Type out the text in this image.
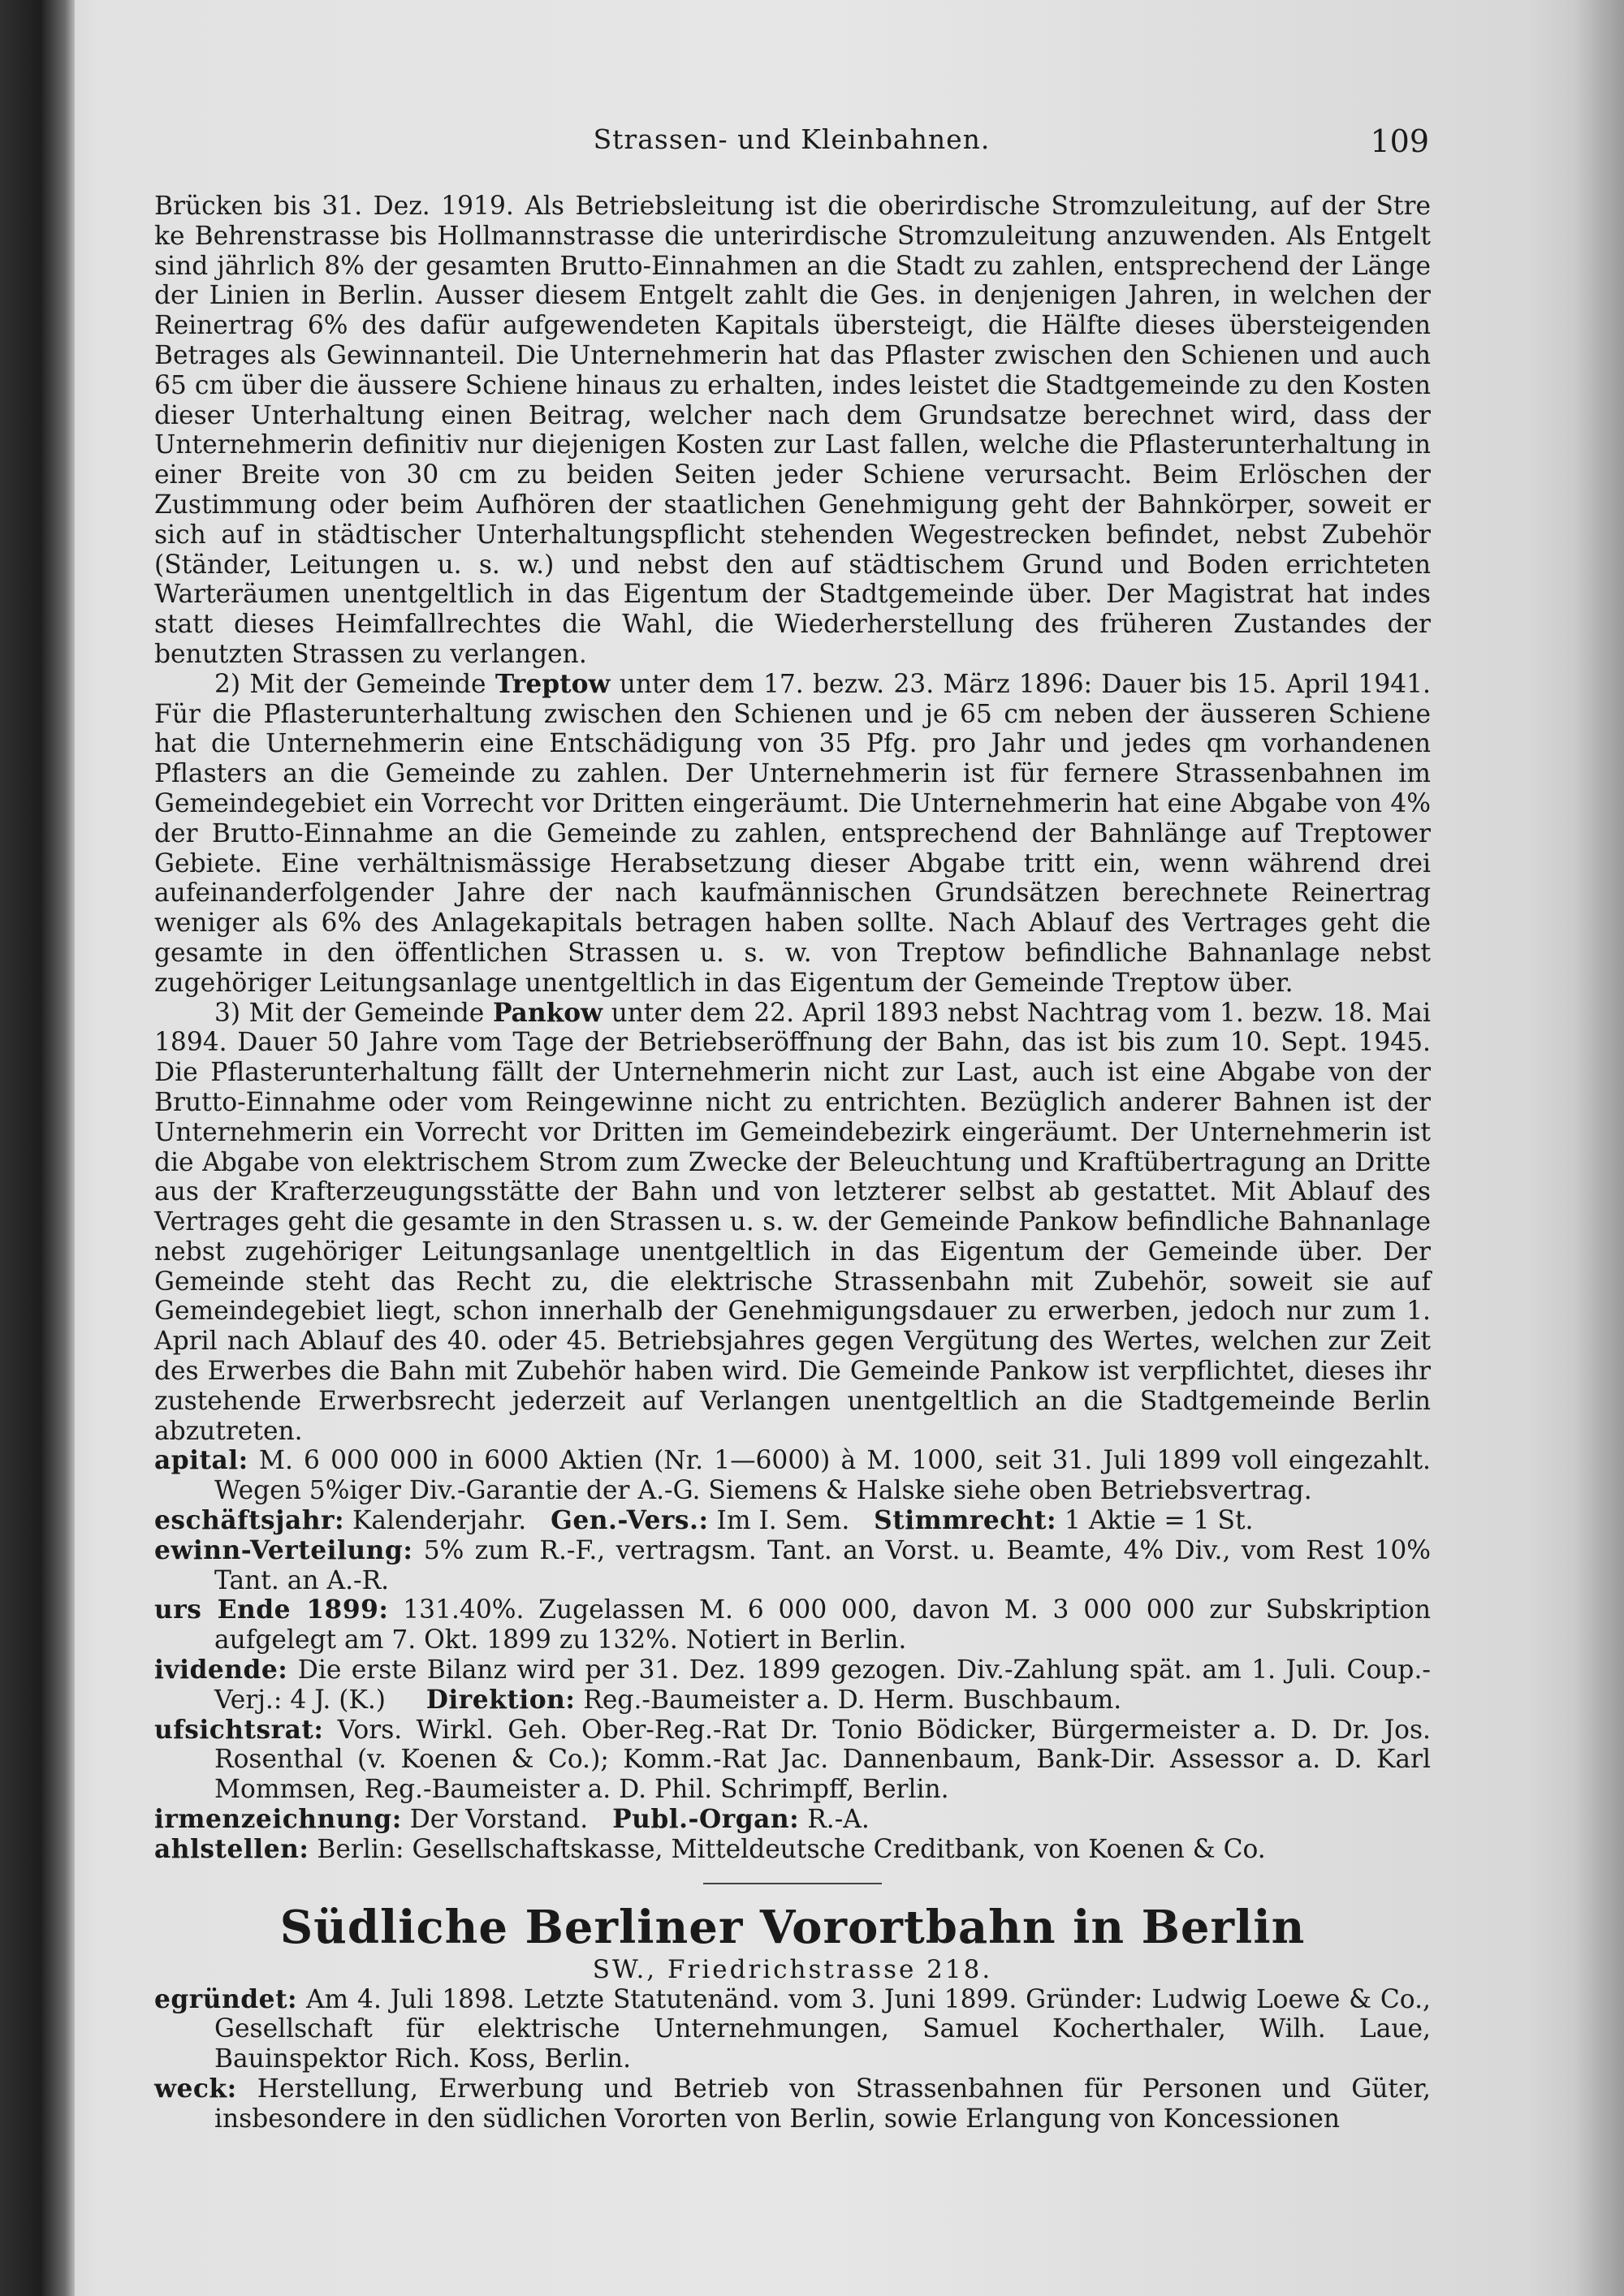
Strassen- und Kleinbahnen.	109

Brücken bis 31. Dez. 1919. Als Betriebsleitung ist die oberirdische Stromzuleitung, auf der Stre ke Behrenstrasse bis Hollmannstrasse die unterirdische Stromzuleitung anzuwenden. Als Entgelt sind jährlich 8% der gesamten Brutto-Einnahmen an die Stadt zu zahlen, entsprechend der Länge der Linien in Berlin. Ausser diesem Entgelt zahlt die Ges. in denjenigen Jahren, in welchen der Reinertrag 6% des dafür aufgewendeten Kapitals übersteigt, die Hälfte dieses übersteigenden Betrages als Gewinnanteil. Die Unternehmerin hat das Pflaster zwischen den Schienen und auch 65 cm über die äussere Schiene hinaus zu erhalten, indes leistet die Stadtgemeinde zu den Kosten dieser Unterhaltung einen Beitrag, welcher nach dem Grundsatze berechnet wird, dass der Unternehmerin definitiv nur diejenigen Kosten zur Last fallen, welche die Pflasterunterhaltung in einer Breite von 30 cm zu beiden Seiten jeder Schiene verursacht. Beim Erlöschen der Zustimmung oder beim Aufhören der staatlichen Genehmigung geht der Bahnkörper, soweit er sich auf in städtischer Unterhaltungspflicht stehenden Wegestrecken befindet, nebst Zubehör (Ständer, Leitungen u. s. w.) und nebst den auf städtischem Grund und Boden errichteten Warteräumen unentgeltlich in das Eigentum der Stadtgemeinde über. Der Magistrat hat indes statt dieses Heimfallrechtes die Wahl, die Wiederherstellung des früheren Zustandes der benutzten Strassen zu verlangen.

2) Mit der Gemeinde Treptow unter dem 17. bezw. 23. März 1896: Dauer bis 15. April 1941. Für die Pflasterunterhaltung zwischen den Schienen und je 65 cm neben der äusseren Schiene hat die Unternehmerin eine Entschädigung von 35 Pfg. pro Jahr und jedes qm vorhandenen Pflasters an die Gemeinde zu zahlen. Der Unternehmerin ist für fernere Strassenbahnen im Gemeindegebiet ein Vorrecht vor Dritten eingeräumt. Die Unternehmerin hat eine Abgabe von 4% der Brutto-Einnahme an die Gemeinde zu zahlen, entsprechend der Bahnlänge auf Treptower Gebiete. Eine verhältnismässige Herabsetzung dieser Abgabe tritt ein, wenn während drei aufeinanderfolgender Jahre der nach kaufmännischen Grundsätzen berechnete Reinertrag weniger als 6% des Anlagekapitals betragen haben sollte. Nach Ablauf des Vertrages geht die gesamte in den öffentlichen Strassen u. s. w. von Treptow befindliche Bahnanlage nebst zugehöriger Leitungsanlage unentgeltlich in das Eigentum der Gemeinde Treptow über.

3) Mit der Gemeinde Pankow unter dem 22. April 1893 nebst Nachtrag vom 1. bezw. 18. Mai 1894. Dauer 50 Jahre vom Tage der Betriebseröffnung der Bahn, das ist bis zum 10. Sept. 1945. Die Pflasterunterhaltung fällt der Unternehmerin nicht zur Last, auch ist eine Abgabe von der Brutto-Einnahme oder vom Reingewinne nicht zu entrichten. Bezüglich anderer Bahnen ist der Unternehmerin ein Vorrecht vor Dritten im Gemeindebezirk eingeräumt. Der Unternehmerin ist die Abgabe von elektrischem Strom zum Zwecke der Beleuchtung und Kraftübertragung an Dritte aus der Krafterzeugungsstätte der Bahn und von letzterer selbst ab gestattet. Mit Ablauf des Vertrages geht die gesamte in den Strassen u. s. w. der Gemeinde Pankow befindliche Bahnanlage nebst zugehöriger Leitungsanlage unentgeltlich in das Eigentum der Gemeinde über. Der Gemeinde steht das Recht zu, die elektrische Strassenbahn mit Zubehör, soweit sie auf Gemeindegebiet liegt, schon innerhalb der Genehmigungsdauer zu erwerben, jedoch nur zum 1. April nach Ablauf des 40. oder 45. Betriebsjahres gegen Vergütung des Wertes, welchen zur Zeit des Erwerbes die Bahn mit Zubehör haben wird. Die Gemeinde Pankow ist verpflichtet, dieses ihr zustehende Erwerbsrecht jederzeit auf Verlangen unentgeltlich an die Stadtgemeinde Berlin abzutreten.

apital: M. 6 000 000 in 6000 Aktien (Nr. 1—6000) à M. 1000, seit 31. Juli 1899 voll eingezahlt. Wegen 5%iger Div.-Garantie der A.-G. Siemens & Halske siehe oben Betriebsvertrag.

eschäftsjahr: Kalenderjahr. Gen.-Vers.: Im I. Sem. Stimmrecht: 1 Aktie = 1 St.

ewinn-Verteilung: 5% zum R.-F., vertragsm. Tant. an Vorst. u. Beamte, 4% Div., vom Rest 10% Tant. an A.-R.

urs Ende 1899: 131.40%. Zugelassen M. 6 000 000, davon M. 3 000 000 zur Subskription aufgelegt am 7. Okt. 1899 zu 132%. Notiert in Berlin.

ividende: Die erste Bilanz wird per 31. Dez. 1899 gezogen. Div.-Zahlung spät. am 1. Juli. Coup.-Verj.: 4 J. (K.) Direktion: Reg.-Baumeister a. D. Herm. Buschbaum.

ufsichtsrat: Vors. Wirkl. Geh. Ober-Reg.-Rat Dr. Tonio Bödicker, Bürgermeister a. D. Dr. Jos. Rosenthal (v. Koenen & Co.); Komm.-Rat Jac. Dannenbaum, Bank-Dir. Assessor a. D. Karl Mommsen, Reg.-Baumeister a. D. Phil. Schrimpff, Berlin.

irmenzeichnung: Der Vorstand. Publ.-Organ: R.-A.

ahlstellen: Berlin: Gesellschaftskasse, Mitteldeutsche Creditbank, von Koenen & Co.

Südliche Berliner Vorortbahn in Berlin

SW., Friedrichstrasse 218.

egründet: Am 4. Juli 1898. Letzte Statutenänd. vom 3. Juni 1899. Gründer: Ludwig Loewe & Co., Gesellschaft für elektrische Unternehmungen, Samuel Kocherthaler, Wilh. Laue, Bauinspektor Rich. Koss, Berlin.

weck: Herstellung, Erwerbung und Betrieb von Strassenbahnen für Personen und Güter, insbesondere in den südlichen Vororten von Berlin, sowie Erlangung von Koncessionen
